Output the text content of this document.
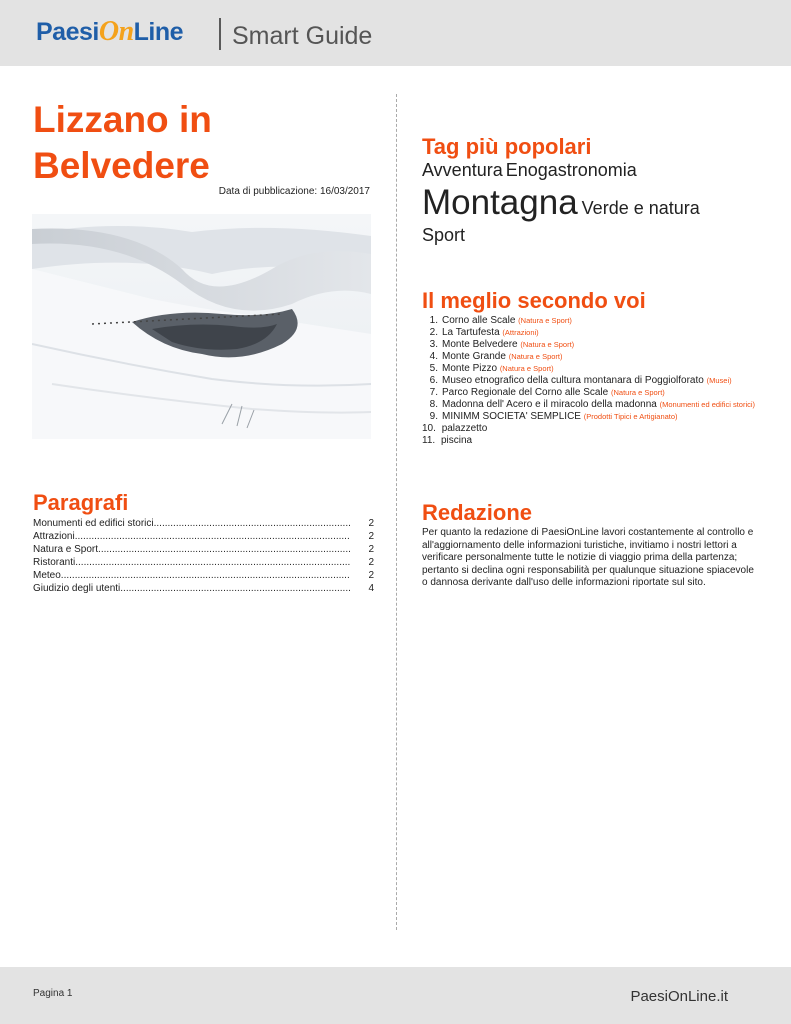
Paesi On Line Smart Guide
Lizzano in Belvedere
Data di pubblicazione: 16/03/2017
Paragrafi
Monumenti ed edifici storici .....	2
Attrazioni .....	2
Natura e Sport .....	2
Ristoranti .....	2
Meteo .....	2
Giudizio degli utenti .....	4
Tag più popolari
Avventura Enogastronomia
Montagna Verde e natura
Sport
Il meglio secondo voi
1. Corno alle Scale (Natura e Sport)
2. La Tartufesta (Attrazioni)
3. Monte Belvedere (Natura e Sport)
4. Monte Grande (Natura e Sport)
5. Monte Pizzo (Natura e Sport)
6. Museo etnografico della cultura montanara di Poggiolforato (Musei)
7. Parco Regionale del Corno alle Scale (Natura e Sport)
8. Madonna dell' Acero e il miracolo della madonna (Monumenti ed edifici storici)
9. MINIMM SOCIETA' SEMPLICE (Prodotti Tipici e Artigianato)
10. palazzetto
11. piscina
Redazione

Per quanto la redazione di PaesiOnLine lavori costantemente al controllo e all'aggiornamento delle informazioni turistiche, invitiamo i nostri lettori a verificare personalmente tutte le notizie di viaggio prima della partenza; pertanto si declina ogni responsabilità per qualunque situazione spiacevole o dannosa derivante dall'uso delle informazioni riportate sul sito.

Pagina 1	PaesiOnLine.it
